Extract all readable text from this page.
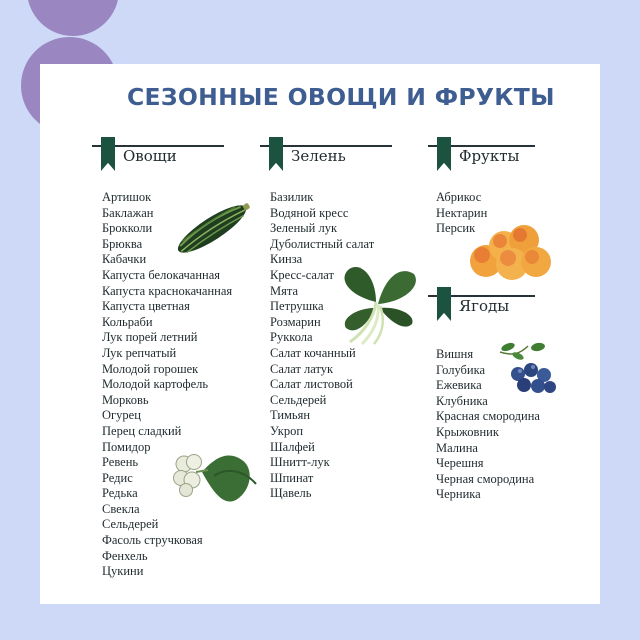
СЕЗОННЫЕ ОВОЩИ И ФРУКТЫ
Овощи
Артишок
Баклажан
Брокколи
Брюква
Кабачки
Капуста белокачанная
Капуста краснокачанная
Капуста цветная
Кольраби
Лук порей летний
Лук репчатый
Молодой горошек
Молодой картофель
Морковь
Огурец
Перец сладкий
Помидор
Ревень
Редис
Редька
Свекла
Сельдерей
Фасоль стручковая
Фенхель
Цукини
Зелень
Базилик
Водяной кресс
Зеленый лук
Дуболистный салат
Кинза
Кресс-салат
Мята
Петрушка
Розмарин
Руккола
Салат кочанный
Салат латук
Салат листовой
Сельдерей
Тимьян
Укроп
Шалфей
Шнитт-лук
Шпинат
Щавель
Фрукты
Абрикос
Нектарин
Персик
Ягоды
Вишня
Голубика
Ежевика
Клубника
Красная смородина
Крыжовник
Малина
Черешня
Черная смородина
Черника
